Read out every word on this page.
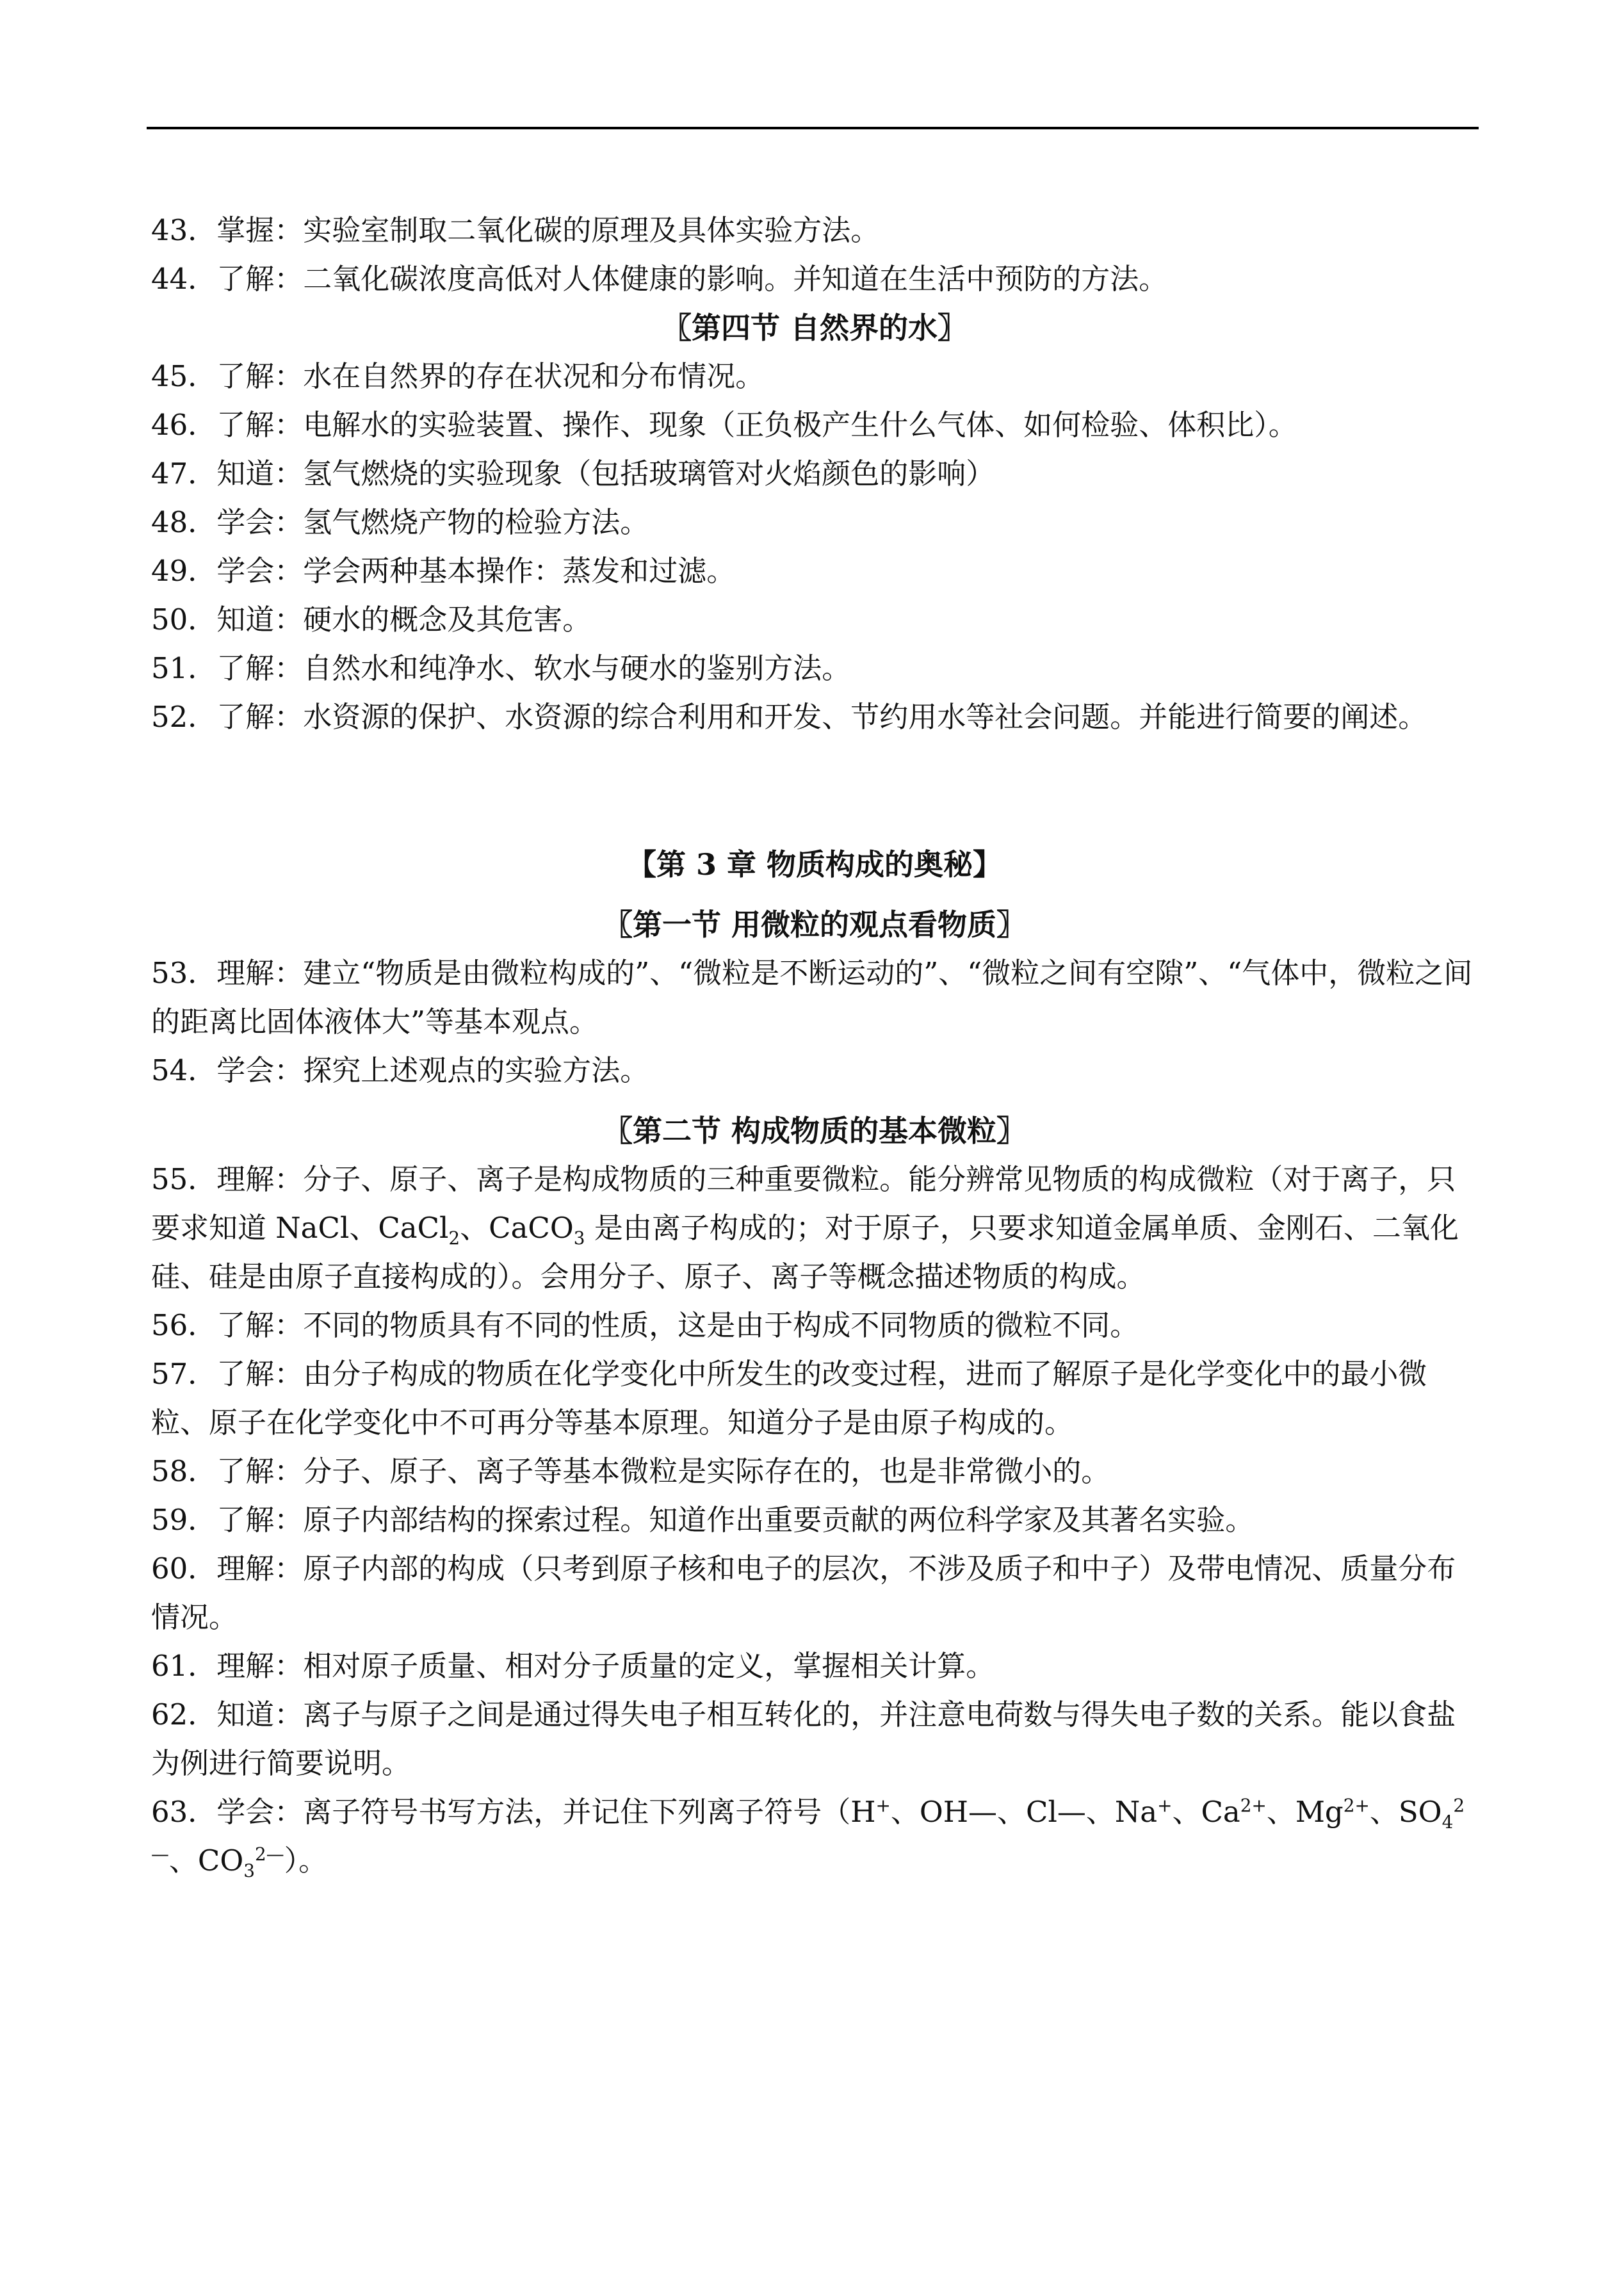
43．掌握：实验室制取二氧化碳的原理及具体实验方法。

44．了解：二氧化碳浓度高低对人体健康的影响。并知道在生活中预防的方法。

〖第四节 自然界的水〗

45．了解：水在自然界的存在状况和分布情况。

46．了解：电解水的实验装置、操作、现象（正负极产生什么气体、如何检验、体积比）。

47．知道：氢气燃烧的实验现象（包括玻璃管对火焰颜色的影响）

48．学会：氢气燃烧产物的检验方法。

49．学会：学会两种基本操作：蒸发和过滤。

50．知道：硬水的概念及其危害。

51．了解：自然水和纯净水、软水与硬水的鉴别方法。

52．了解：水资源的保护、水资源的综合利用和开发、节约用水等社会问题。并能进行简要的阐述。

【第 3 章 物质构成的奥秘】

〖第一节 用微粒的观点看物质〗

53．理解：建立“物质是由微粒构成的”、“微粒是不断运动的”、“微粒之间有空隙”、“气体中，微粒之间的距离比固体液体大”等基本观点。

54．学会：探究上述观点的实验方法。

〖第二节 构成物质的基本微粒〗

55．理解：分子、原子、离子是构成物质的三种重要微粒。能分辨常见物质的构成微粒（对于离子，只要求知道 NaCl、CaCl$_2$、CaCO$_3$ 是由离子构成的；对于原子，只要求知道金属单质、金刚石、二氧化硅、硅是由原子直接构成的）。会用分子、原子、离子等概念描述物质的构成。

56．了解：不同的物质具有不同的性质，这是由于构成不同物质的微粒不同。

57．了解：由分子构成的物质在化学变化中所发生的改变过程，进而了解原子是化学变化中的最小微粒、原子在化学变化中不可再分等基本原理。知道分子是由原子构成的。

58．了解：分子、原子、离子等基本微粒是实际存在的，也是非常微小的。

59．了解：原子内部结构的探索过程。知道作出重要贡献的两位科学家及其著名实验。

60．理解：原子内部的构成（只考到原子核和电子的层次，不涉及质子和中子）及带电情况、质量分布情况。

61．理解：相对原子质量、相对分子质量的定义，掌握相关计算。

62．知道：离子与原子之间是通过得失电子相互转化的，并注意电荷数与得失电子数的关系。能以食盐为例进行简要说明。

63．学会：离子符号书写方法，并记住下列离子符号（H+、OH—、Cl—、Na+、$Ca^{2+}$、$Mg^{2+}$、$SO_4^{2—}$、$CO_3^{2—}$）。
